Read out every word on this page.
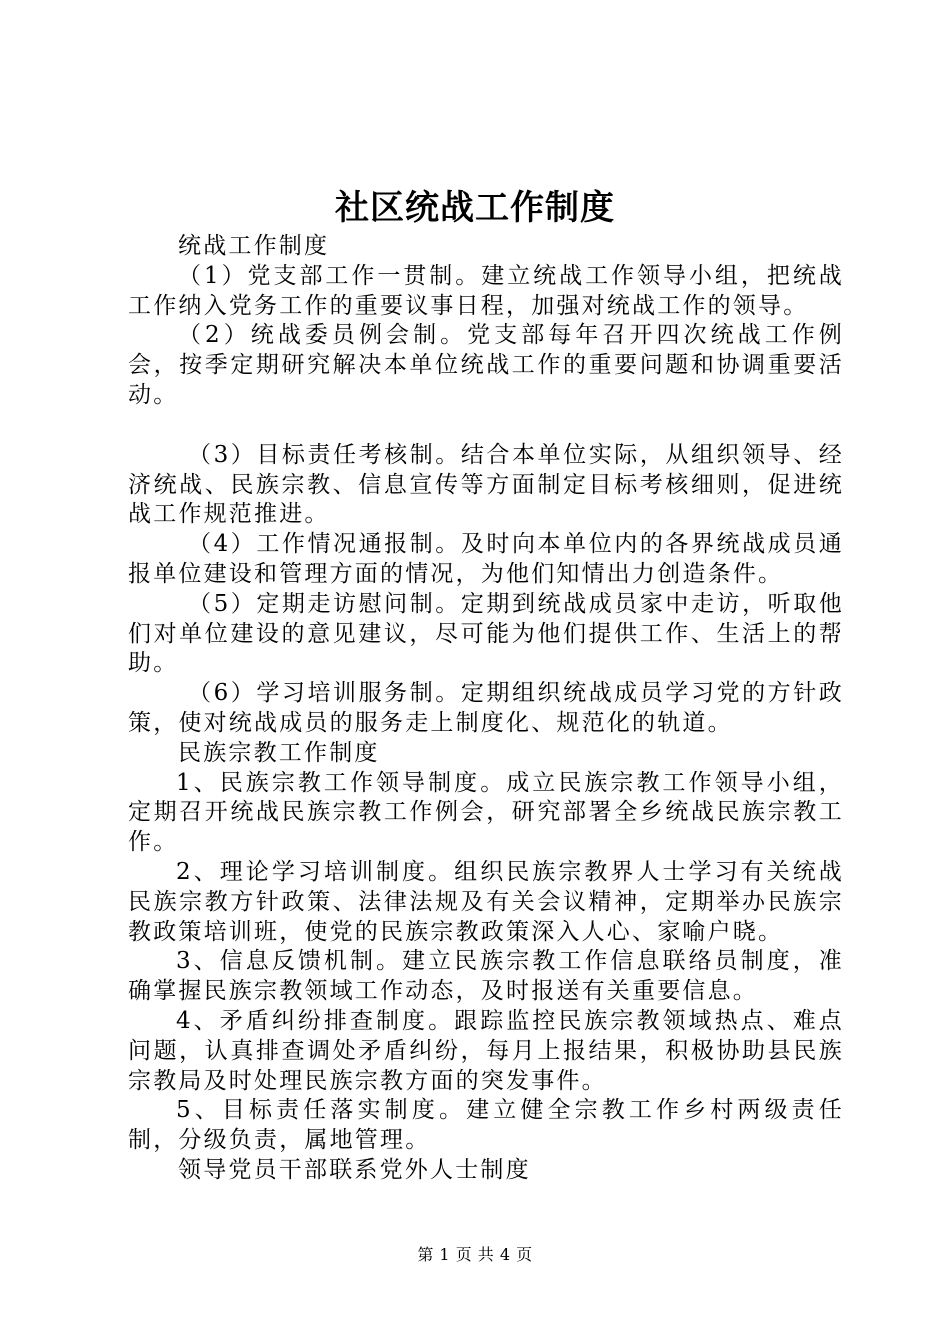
社区统战工作制度

统战工作制度

（1）党支部工作一贯制。建立统战工作领导小组，把统战工作纳入党务工作的重要议事日程，加强对统战工作的领导。

（2）统战委员例会制。党支部每年召开四次统战工作例会，按季定期研究解决本单位统战工作的重要问题和协调重要活动。

（3）目标责任考核制。结合本单位实际，从组织领导、经济统战、民族宗教、信息宣传等方面制定目标考核细则，促进统战工作规范推进。

（4）工作情况通报制。及时向本单位内的各界统战成员通报单位建设和管理方面的情况，为他们知情出力创造条件。

（5）定期走访慰问制。定期到统战成员家中走访，听取他们对单位建设的意见建议，尽可能为他们提供工作、生活上的帮助。

（6）学习培训服务制。定期组织统战成员学习党的方针政策，使对统战成员的服务走上制度化、规范化的轨道。

民族宗教工作制度

1、民族宗教工作领导制度。成立民族宗教工作领导小组，定期召开统战民族宗教工作例会，研究部署全乡统战民族宗教工作。

2、理论学习培训制度。组织民族宗教界人士学习有关统战民族宗教方针政策、法律法规及有关会议精神，定期举办民族宗教政策培训班，使党的民族宗教政策深入人心、家喻户晓。

3、信息反馈机制。建立民族宗教工作信息联络员制度，准确掌握民族宗教领域工作动态，及时报送有关重要信息。

4、矛盾纠纷排查制度。跟踪监控民族宗教领域热点、难点问题，认真排查调处矛盾纠纷，每月上报结果，积极协助县民族宗教局及时处理民族宗教方面的突发事件。

5、目标责任落实制度。建立健全宗教工作乡村两级责任制，分级负责，属地管理。

领导党员干部联系党外人士制度

第 1 页 共 4 页
